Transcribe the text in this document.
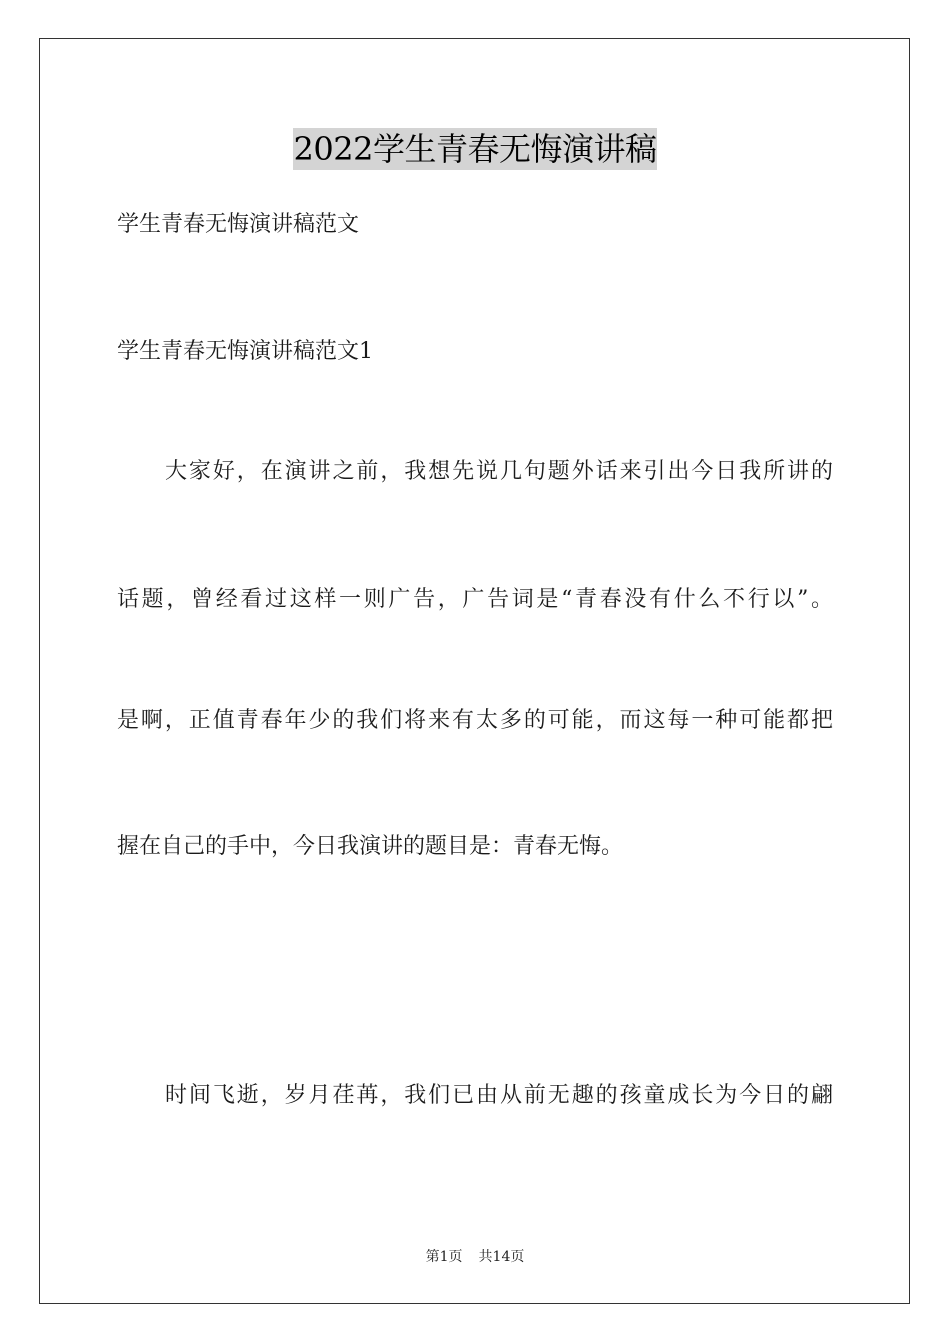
2022学生青春无悔演讲稿
学生青春无悔演讲稿范文
学生青春无悔演讲稿范文1
大家好，在演讲之前，我想先说几句题外话来引出今日我所讲的
话题，曾经看过这样一则广告，广告词是“青春没有什么不行以”。
是啊，正值青春年少的我们将来有太多的可能，而这每一种可能都把
握在自己的手中，今日我演讲的题目是：青春无悔。
时间飞逝，岁月荏苒，我们已由从前无趣的孩童成长为今日的翩
第1页 共14页
